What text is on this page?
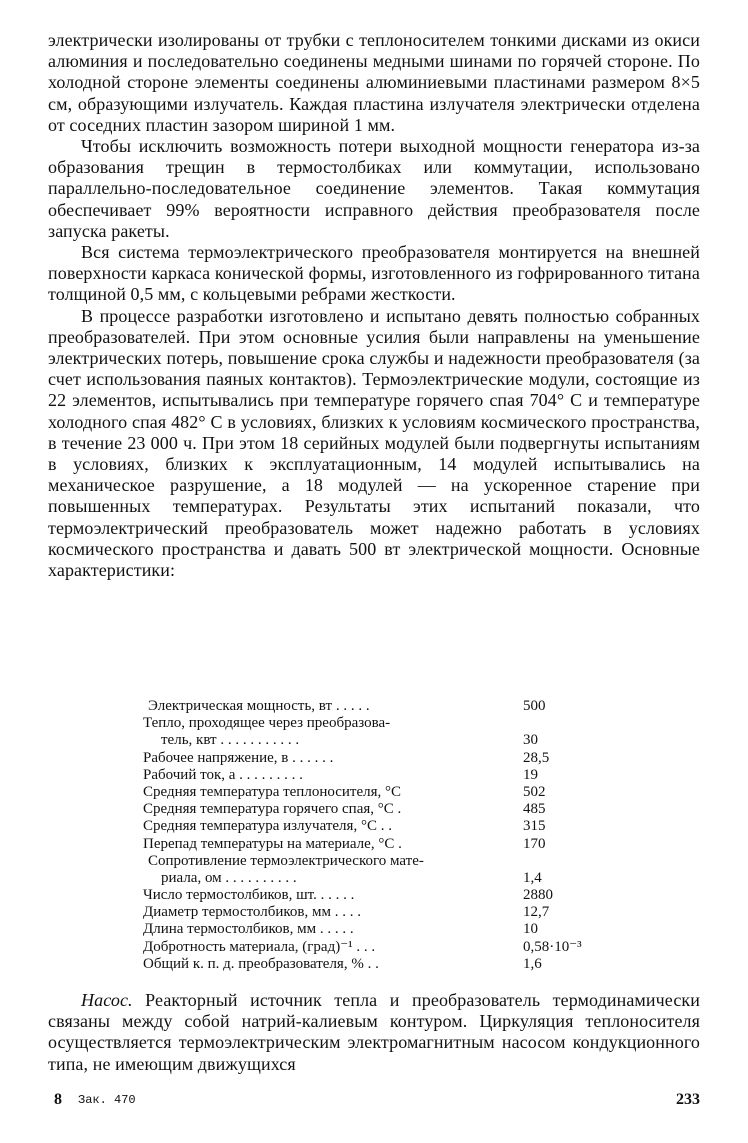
электрически изолированы от трубки с теплоносителем тонкими дисками из окиси алюминия и последовательно соединены медными шинами по горячей стороне. По холодной стороне элементы соединены алюминиевыми пластинами размером 8×5 см, образующими излучатель. Каждая пластина излучателя электрически отделена от соседних пластин зазором шириной 1 мм.

Чтобы исключить возможность потери выходной мощности генератора из-за образования трещин в термостолбиках или коммутации, использовано параллельно-последовательное соединение элементов. Такая коммутация обеспечивает 99% вероятности исправного действия преобразователя после запуска ракеты.

Вся система термоэлектрического преобразователя монтируется на внешней поверхности каркаса конической формы, изготовленного из гофрированного титана толщиной 0,5 мм, с кольцевыми ребрами жесткости.

В процессе разработки изготовлено и испытано девять полностью собранных преобразователей. При этом основные усилия были направлены на уменьшение электрических потерь, повышение срока службы и надежности преобразователя (за счет использования паяных контактов). Термоэлектрические модули, состоящие из 22 элементов, испытывались при температуре горячего спая 704° С и температуре холодного спая 482° С в условиях, близких к условиям космического пространства, в течение 23 000 ч. При этом 18 серийных модулей были подвергнуты испытаниям в условиях, близких к эксплуатационным, 14 модулей испытывались на механическое разрушение, а 18 модулей — на ускоренное старение при повышенных температурах. Результаты этих испытаний показали, что термоэлектрический преобразователь может надежно работать в условиях космического пространства и давать 500 вт электрической мощности. Основные характеристики:

Электрическая мощность, вт . . . . .	500
Тепло, проходящее через преобразова-
тель, квт . . . . . . . . . . .	30
Рабочее напряжение, в . . . . . .	28,5
Рабочий ток, а . . . . . . . . .	19
Средняя температура теплоносителя, °С	502
Средняя температура горячего спая, °С .	485
Средняя температура излучателя, °С . .	315
Перепад температуры на материале, °С .	170
Сопротивление термоэлектрического мате-
риала, ом . . . . . . . . . .	1,4
Число термостолбиков, шт. . . . . .	2880
Диаметр термостолбиков, мм . . . .	12,7
Длина термостолбиков, мм . . . . .	10
Добротность материала, (град)⁻¹ . . .	0,58·10⁻³
Общий к. п. д. преобразователя, % . .	1,6

Насос. Реакторный источник тепла и преобразователь термодинамически связаны между собой натрий-калиевым контуром. Циркуляция теплоносителя осуществляется термоэлектрическим электромагнитным насосом кондукционного типа, не имеющим движущихся

8 Зак. 470	233
